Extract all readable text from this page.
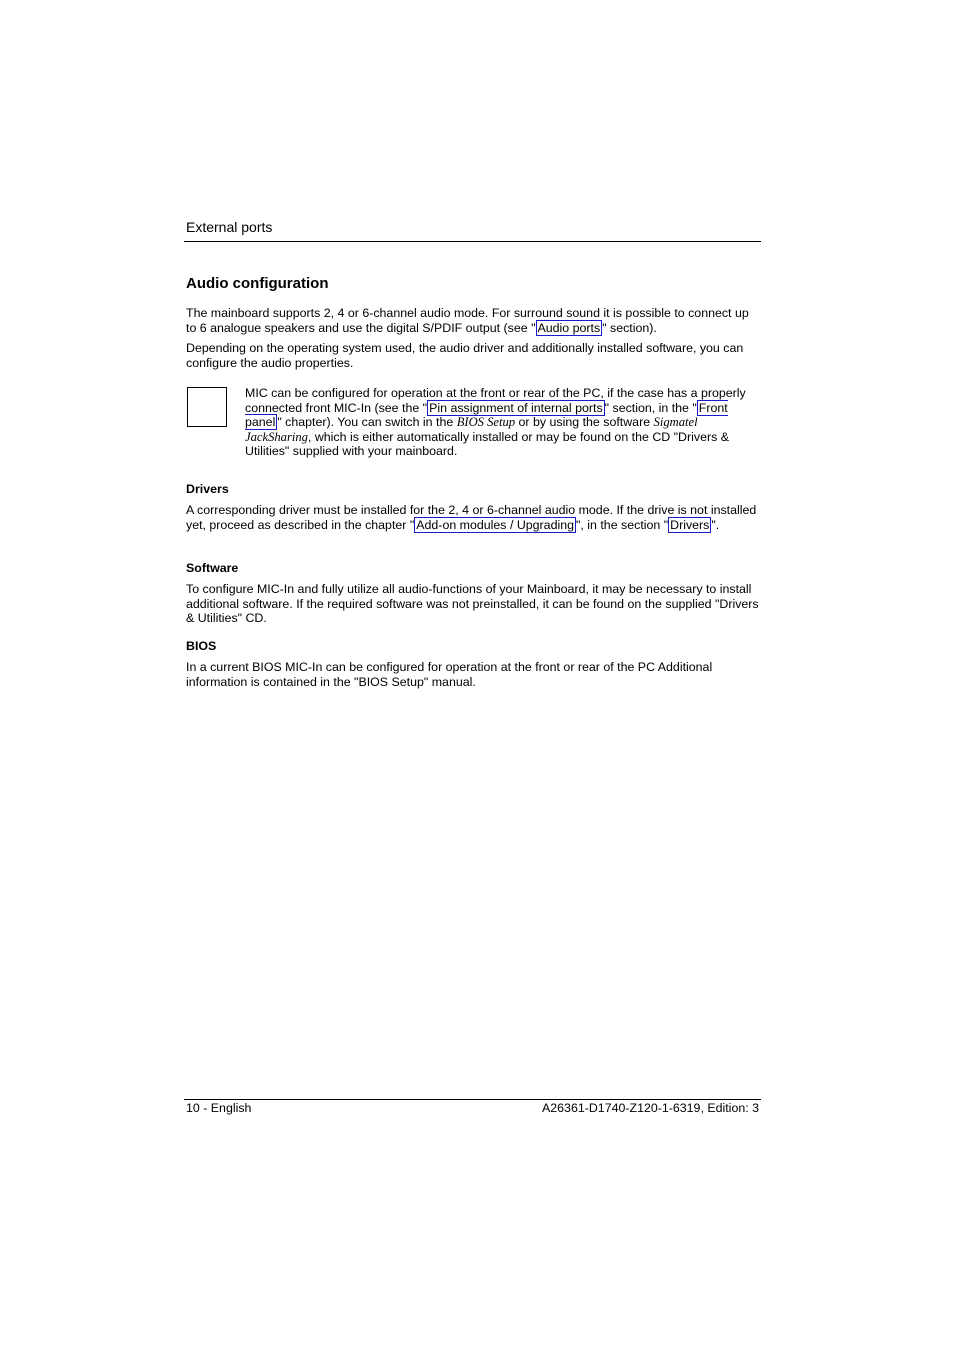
External ports
Audio configuration

The mainboard supports 2, 4 or 6-channel audio mode. For surround sound it is possible to connect up to 6 analogue speakers and use the digital S/PDIF output (see " Audio ports " section).

Depending on the operating system used, the audio driver and additionally installed software, you can configure the audio properties.

MIC can be configured for operation at the front or rear of the PC, if the case has a properly connected front MIC-In (see the " Pin assignment of internal ports " section, in the " Front panel " chapter). You can switch in the BIOS Setup or by using the software Sigmatel JackSharing, which is either automatically installed or may be found on the CD "Drivers & Utilities" supplied with your mainboard.

Drivers

A corresponding driver must be installed for the 2, 4 or 6-channel audio mode. If the drive is not installed yet, proceed as described in the chapter " Add-on modules / Upgrading ", in the section " Drivers ".

Software

To configure MIC-In and fully utilize all audio-functions of your Mainboard, it may be necessary to install additional software. If the required software was not preinstalled, it can be found on the supplied "Drivers & Utilities" CD.

BIOS

In a current BIOS MIC-In can be configured for operation at the front or rear of the PC Additional information is contained in the "BIOS Setup" manual.

10 - English	A26361-D1740-Z120-1-6319, Edition: 3
